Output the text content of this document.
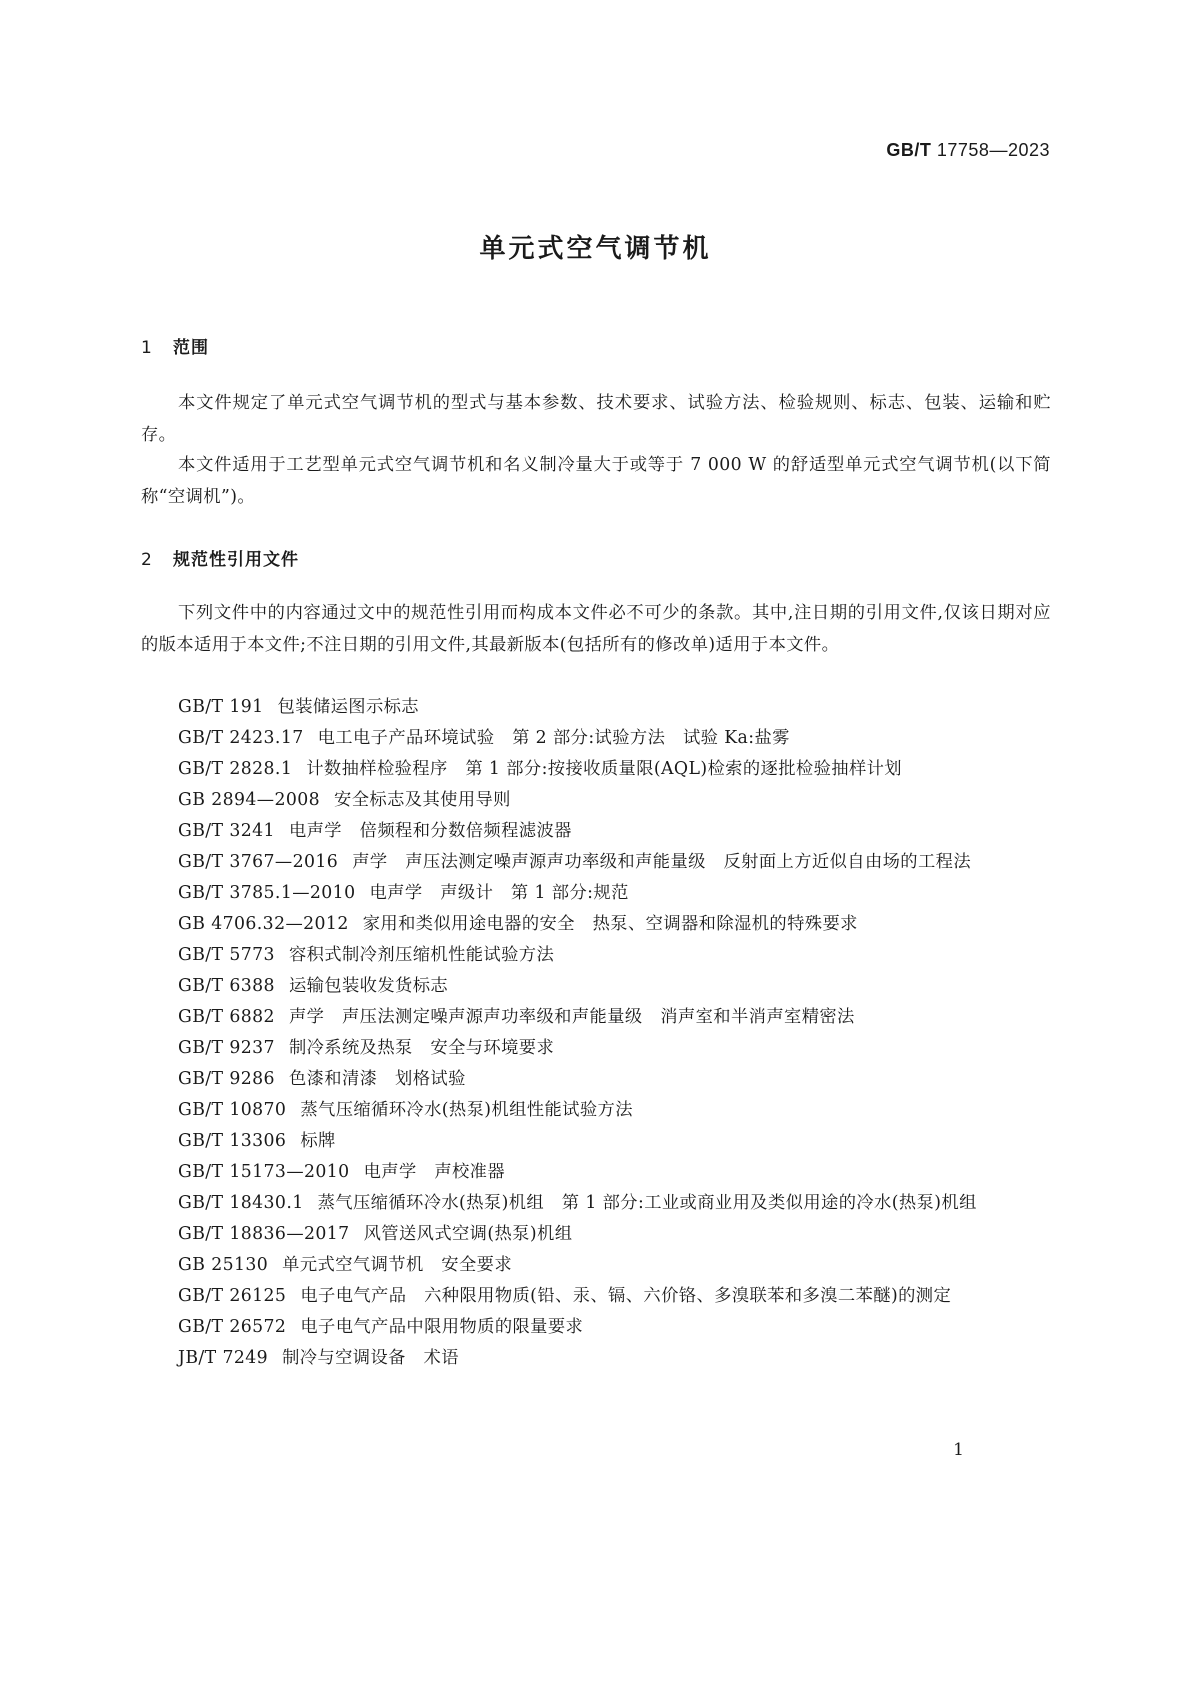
GB/T 17758—2023
单元式空气调节机
1 范围

本文件规定了单元式空气调节机的型式与基本参数、技术要求、试验方法、检验规则、标志、包装、运输和贮存。

本文件适用于工艺型单元式空气调节机和名义制冷量大于或等于 7 000 W 的舒适型单元式空气调节机(以下简称“空调机”)。

2 规范性引用文件

下列文件中的内容通过文中的规范性引用而构成本文件必不可少的条款。其中,注日期的引用文件,仅该日期对应的版本适用于本文件;不注日期的引用文件,其最新版本(包括所有的修改单)适用于本文件。

GB/T 191 包装储运图示标志
GB/T 2423.17 电工电子产品环境试验　第 2 部分:试验方法　试验 Ka:盐雾
GB/T 2828.1 计数抽样检验程序　第 1 部分:按接收质量限(AQL)检索的逐批检验抽样计划
GB 2894—2008 安全标志及其使用导则
GB/T 3241 电声学　倍频程和分数倍频程滤波器
GB/T 3767—2016 声学　声压法测定噪声源声功率级和声能量级　反射面上方近似自由场的工程法
GB/T 3785.1—2010 电声学　声级计　第 1 部分:规范
GB 4706.32—2012 家用和类似用途电器的安全　热泵、空调器和除湿机的特殊要求
GB/T 5773 容积式制冷剂压缩机性能试验方法
GB/T 6388 运输包装收发货标志
GB/T 6882 声学　声压法测定噪声源声功率级和声能量级　消声室和半消声室精密法
GB/T 9237 制冷系统及热泵　安全与环境要求
GB/T 9286 色漆和清漆　划格试验
GB/T 10870 蒸气压缩循环冷水(热泵)机组性能试验方法
GB/T 13306 标牌
GB/T 15173—2010 电声学　声校准器
GB/T 18430.1 蒸气压缩循环冷水(热泵)机组　第 1 部分:工业或商业用及类似用途的冷水(热泵)机组
GB/T 18836—2017 风管送风式空调(热泵)机组
GB 25130 单元式空气调节机　安全要求
GB/T 26125 电子电气产品　六种限用物质(铅、汞、镉、六价铬、多溴联苯和多溴二苯醚)的测定
GB/T 26572 电子电气产品中限用物质的限量要求
JB/T 7249 制冷与空调设备　术语
1
